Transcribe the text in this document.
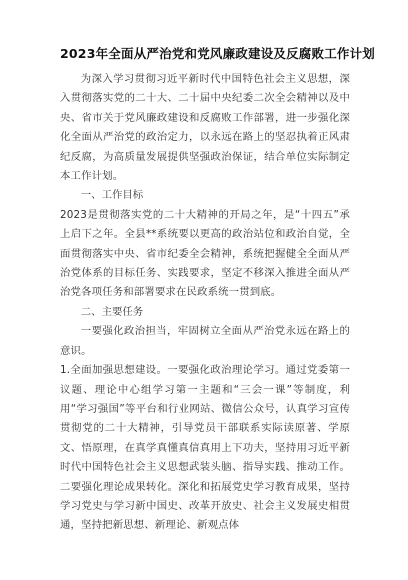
2023年全面从严治党和党风廉政建设及反腐败工作计划

为深入学习贯彻习近平新时代中国特色社会主义思想，深入贯彻落实党的二十大、二十届中央纪委二次全会精神以及中央、省市关于党风廉政建设和反腐败工作部署，进一步强化深化全面从严治党的政治定力，以永远在路上的坚忍执着正风肃纪反腐，为高质量发展提供坚强政治保证，结合单位实际制定本工作计划。

一、工作目标

2023是贯彻落实党的二十大精神的开局之年，是“十四五”承上启下之年。全县**系统要以更高的政治站位和政治自觉，全面贯彻落实中央、省市纪委全会精神，系统把握健全全面从严治党体系的目标任务、实践要求，坚定不移深入推进全面从严治党各项任务和部署要求在民政系统一贯到底。

二、主要任务

一要强化政治担当，牢固树立全面从严治党永远在路上的意识。

1.全面加强思想建设。一要强化政治理论学习。通过党委第一议题、理论中心组学习第一主题和“三会一课”等制度，利用“学习强国”等平台和行业网站、微信公众号，认真学习宣传贯彻党的二十大精神，引导党员干部联系实际读原著、学原文、悟原理，在真学真懂真信真用上下功夫，坚持用习近平新时代中国特色社会主义思想武装头脑、指导实践、推动工作。二要强化理论成果转化。深化和拓展党史学习教育成果，坚持学习党史与学习新中国史、改革开放史、社会主义发展史相贯通，坚持把新思想、新理论、新观点体
